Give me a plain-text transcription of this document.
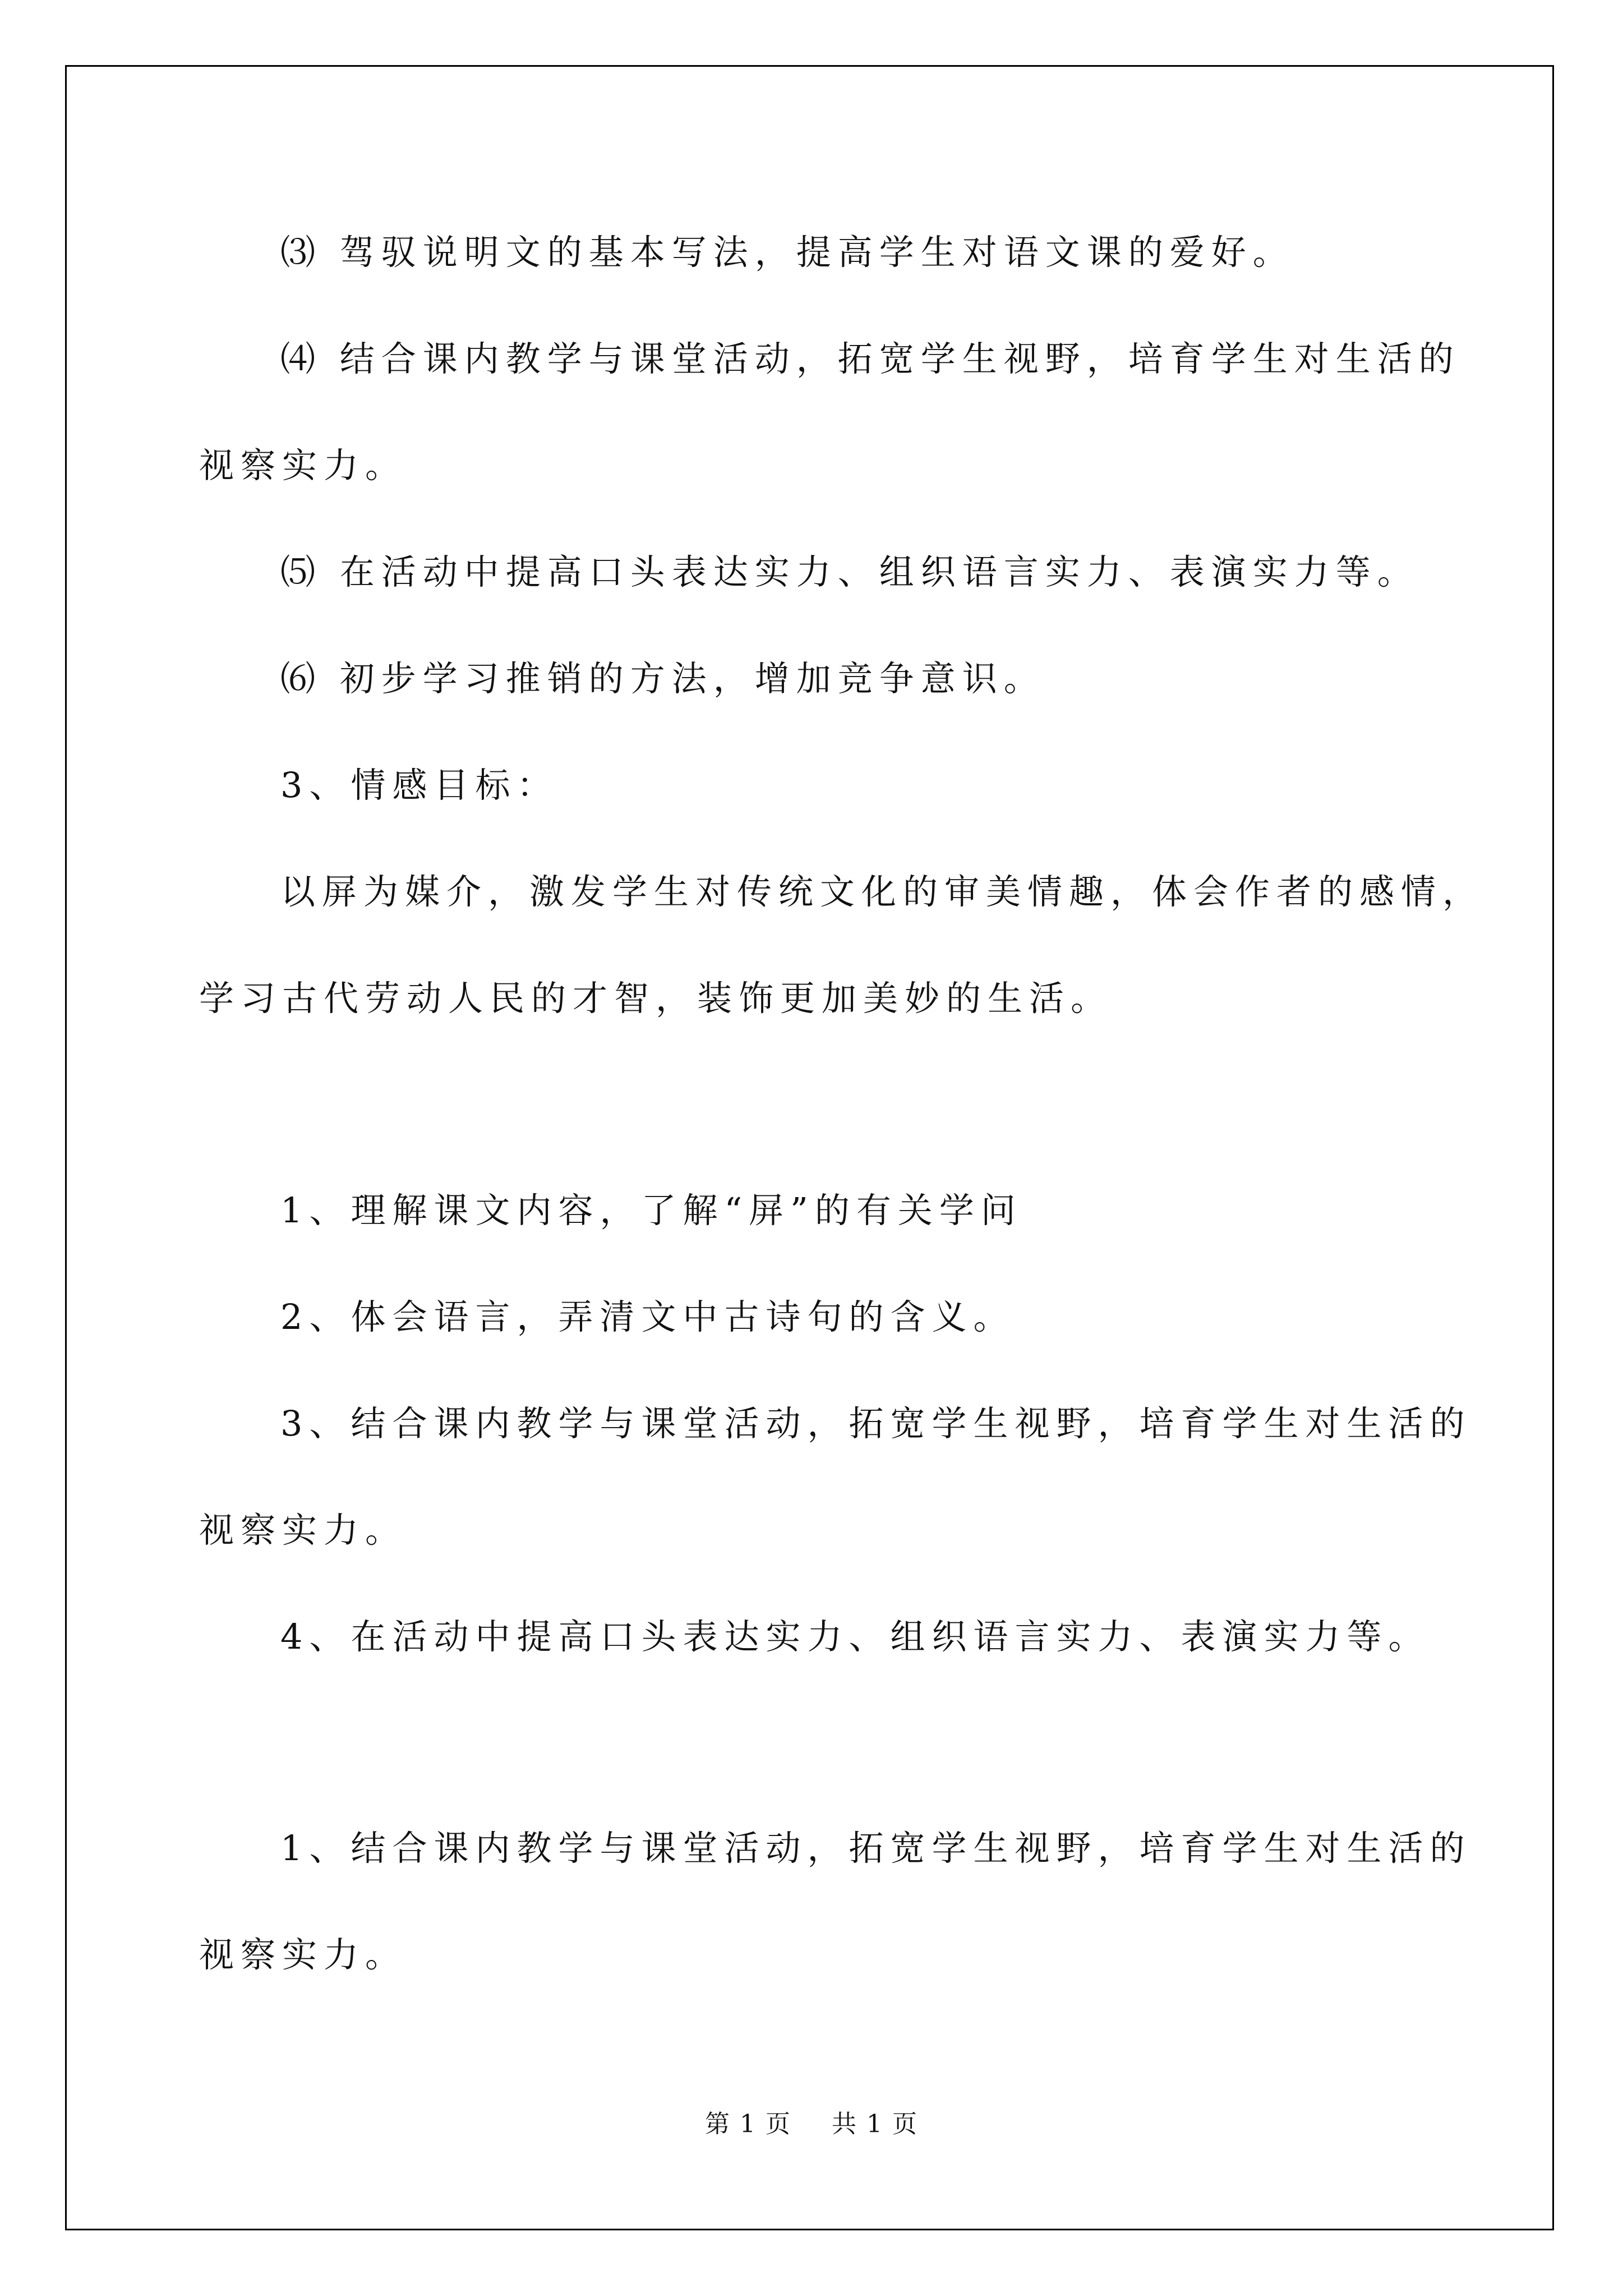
⑶ 驾驭说明文的基本写法，提高学生对语文课的爱好。
⑷ 结合课内教学与课堂活动，拓宽学生视野，培育学生对生活的
视察实力。
⑸ 在活动中提高口头表达实力、组织语言实力、表演实力等。
⑹ 初步学习推销的方法，增加竞争意识。
3、情感目标：
以屏为媒介，激发学生对传统文化的审美情趣，体会作者的感情，
学习古代劳动人民的才智，装饰更加美妙的生活。
1、理解课文内容，了解“屏”的有关学问
2、体会语言，弄清文中古诗句的含义。
3、结合课内教学与课堂活动，拓宽学生视野，培育学生对生活的
视察实力。
4、在活动中提高口头表达实力、组织语言实力、表演实力等。
1、结合课内教学与课堂活动，拓宽学生视野，培育学生对生活的
视察实力。
第 1 页 共 1 页
